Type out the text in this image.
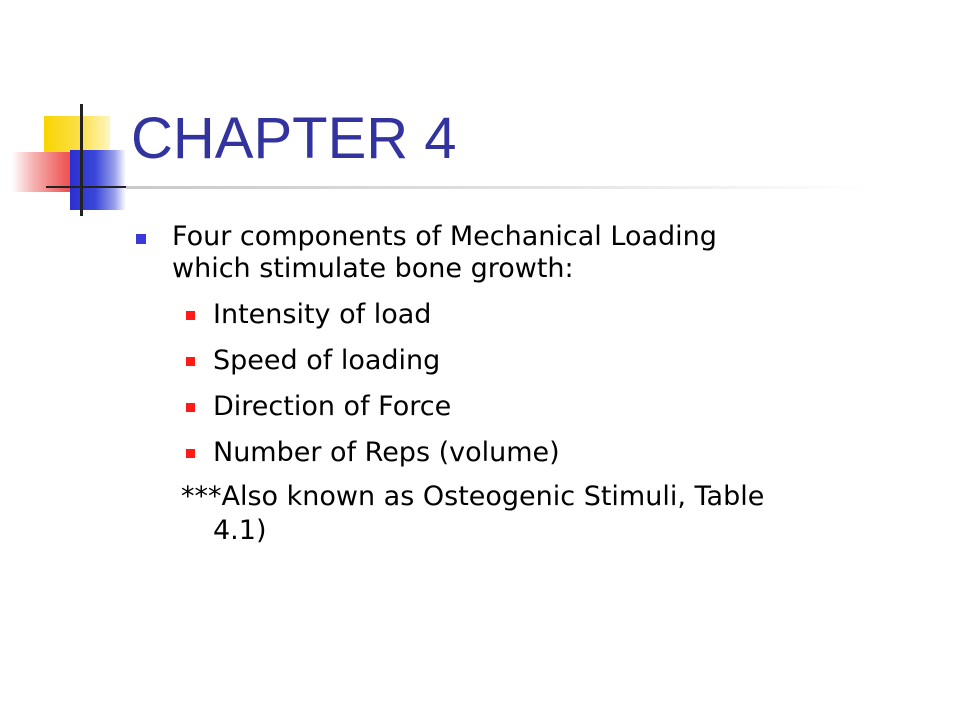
CHAPTER 4

Four components of Mechanical Loading

which stimulate bone growth:

Intensity of load

Speed of loading

Direction of Force

Number of Reps (volume)

***Also known as Osteogenic Stimuli, Table

4.1)
